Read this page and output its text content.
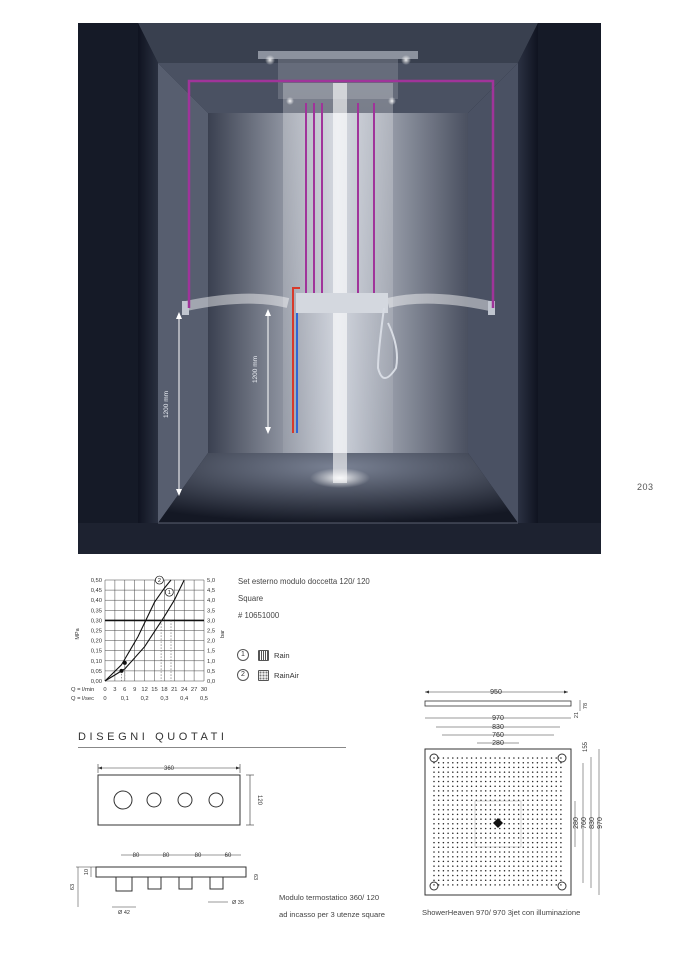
1200 mm
1200 mm
203
0,50
0,45
0,40
0,35
0,30
0,25
0,20
0,15
0,10
0,05
0,00
5,0
4,5
4,0
3,5
3,0
2,5
2,0
1,5
1,0
0,5
0,0
0 3 6 9 12 15 18 21 24 27 30
0 0,1 0,2 0,3 0,4 0,5
1
2
MPa	bar
Q = l/min
Q = l/sec
Set esterno modulo doccetta 120/ 120
Square
# 10651000
1	Rain
2	RainAir
DISEGNI QUOTATI
360
120
80	80	80	60
63
10
63
Ø 42
Ø 35
Modulo termostatico 360/ 120
ad incasso per 3 utenze square
950
21
78
970
830
760
280	155
280 760 830 970
ShowerHeaven 970/ 970 3jet con illuminazione
